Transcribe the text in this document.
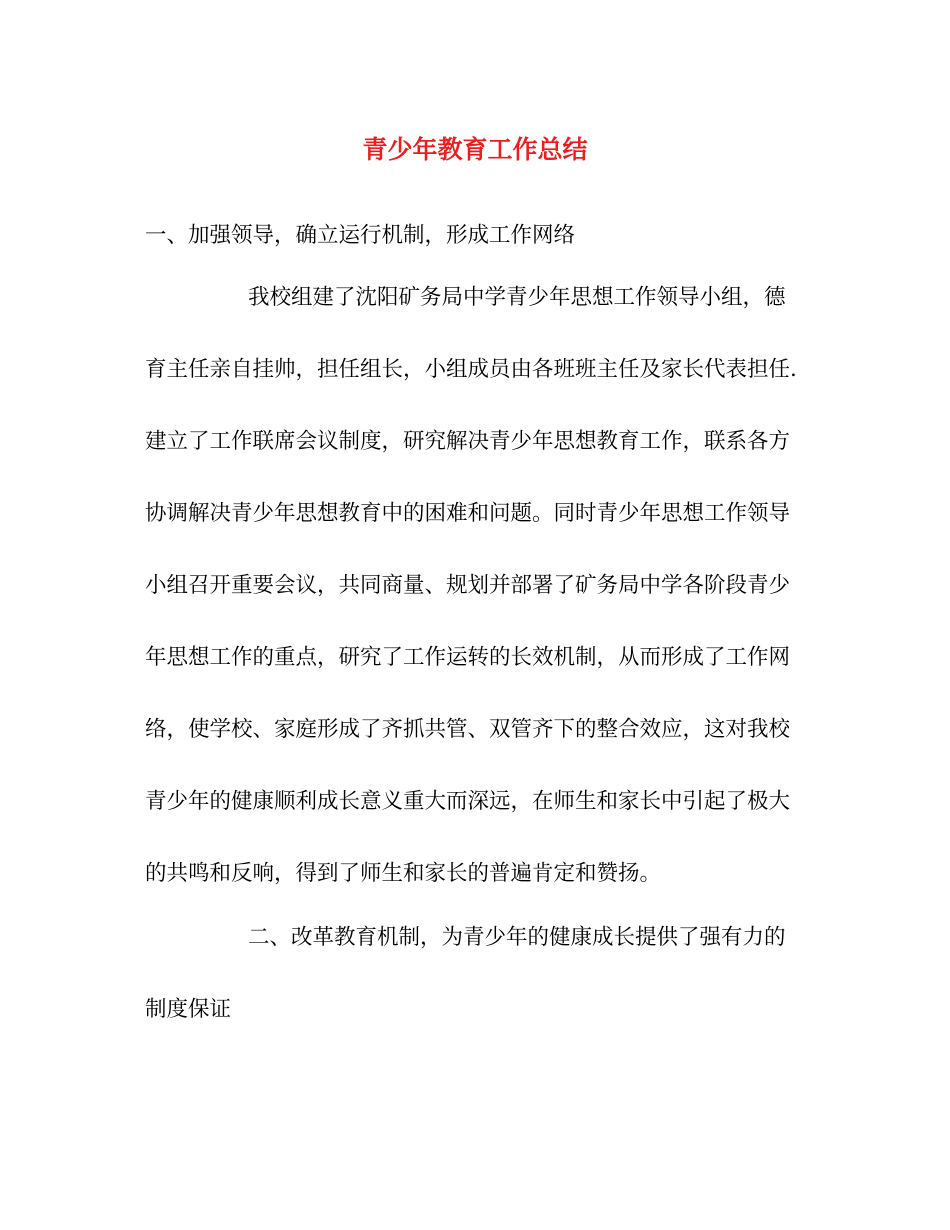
青少年教育工作总结
一、加强领导，确立运行机制，形成工作网络
我校组建了沈阳矿务局中学青少年思想工作领导小组，德
育主任亲自挂帅，担任组长，小组成员由各班班主任及家长代表担任.
建立了工作联席会议制度，研究解决青少年思想教育工作，联系各方
协调解决青少年思想教育中的困难和问题。同时青少年思想工作领导
小组召开重要会议，共同商量、规划并部署了矿务局中学各阶段青少
年思想工作的重点，研究了工作运转的长效机制，从而形成了工作网
络，使学校、家庭形成了齐抓共管、双管齐下的整合效应，这对我校
青少年的健康顺利成长意义重大而深远，在师生和家长中引起了极大
的共鸣和反响，得到了师生和家长的普遍肯定和赞扬。
二、改革教育机制，为青少年的健康成长提供了强有力的
制度保证
